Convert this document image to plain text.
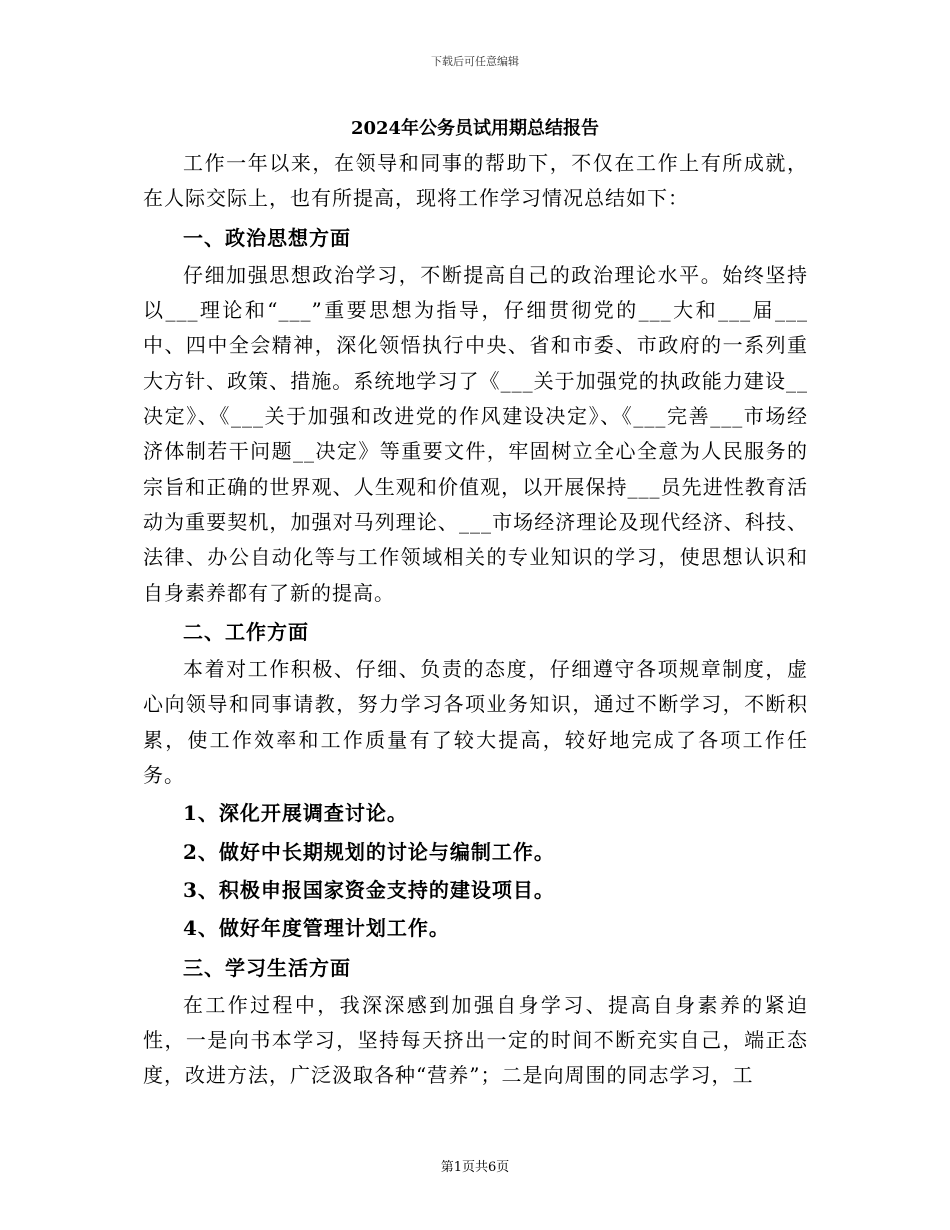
下载后可任意编辑
2024年公务员试用期总结报告

工作一年以来，在领导和同事的帮助下，不仅在工作上有所成就，在人际交际上，也有所提高，现将工作学习情况总结如下：

一、政治思想方面

仔细加强思想政治学习，不断提高自己的政治理论水平。始终坚持以___理论和“___”重要思想为指导，仔细贯彻党的___大和___届___中、四中全会精神，深化领悟执行中央、省和市委、市政府的一系列重大方针、政策、措施。系统地学习了《___关于加强党的执政能力建设__决定》、《___关于加强和改进党的作风建设决定》、《___完善___市场经济体制若干问题__决定》等重要文件，牢固树立全心全意为人民服务的宗旨和正确的世界观、人生观和价值观，以开展保持___员先进性教育活动为重要契机，加强对马列理论、___市场经济理论及现代经济、科技、法律、办公自动化等与工作领域相关的专业知识的学习，使思想认识和自身素养都有了新的提高。

二、工作方面

本着对工作积极、仔细、负责的态度，仔细遵守各项规章制度，虚心向领导和同事请教，努力学习各项业务知识，通过不断学习，不断积累，使工作效率和工作质量有了较大提高，较好地完成了各项工作任务。

1、深化开展调查讨论。

2、做好中长期规划的讨论与编制工作。

3、积极申报国家资金支持的建设项目。

4、做好年度管理计划工作。

三、学习生活方面

在工作过程中，我深深感到加强自身学习、提高自身素养的紧迫性，一是向书本学习，坚持每天挤出一定的时间不断充实自己，端正态度，改进方法，广泛汲取各种“营养”；二是向周围的同志学习，工

第1页共6页
